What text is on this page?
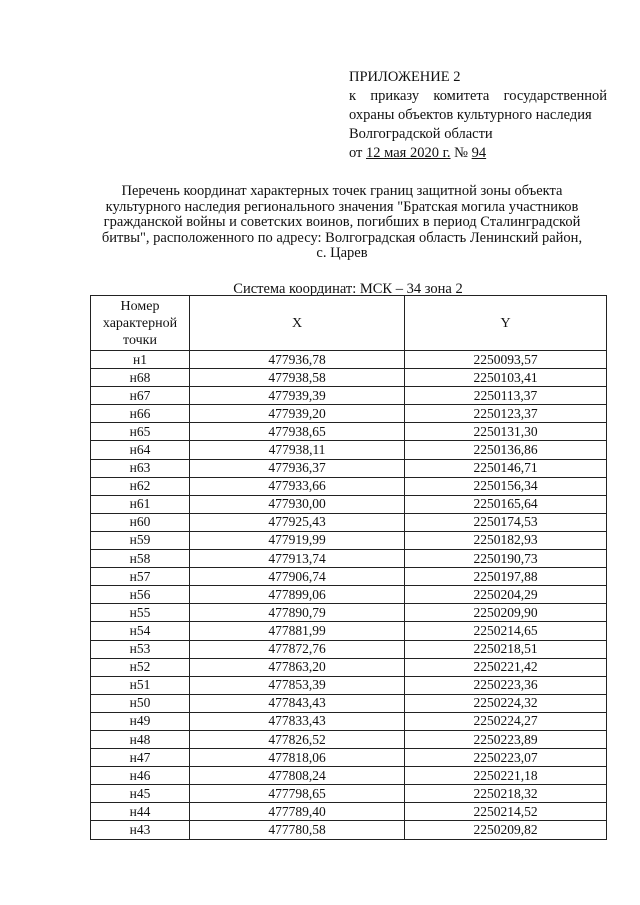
ПРИЛОЖЕНИЕ 2
к приказу комитета государственной
охраны объектов культурного наследия
Волгоградской области
от 12 мая 2020 г. № 94
Перечень координат характерных точек границ защитной зоны объекта
культурного наследия регионального значения "Братская могила участников
гражданской войны и советских воинов, погибших в период Сталинградской
битвы", расположенного по адресу: Волгоградская область Ленинский район,
с. Царев
Система координат: МСК – 34 зона 2
Номер
характерной
точки	X	Y
н1	477936,78	2250093,57
н68	477938,58	2250103,41
н67	477939,39	2250113,37
н66	477939,20	2250123,37
н65	477938,65	2250131,30
н64	477938,11	2250136,86
н63	477936,37	2250146,71
н62	477933,66	2250156,34
н61	477930,00	2250165,64
н60	477925,43	2250174,53
н59	477919,99	2250182,93
н58	477913,74	2250190,73
н57	477906,74	2250197,88
н56	477899,06	2250204,29
н55	477890,79	2250209,90
н54	477881,99	2250214,65
н53	477872,76	2250218,51
н52	477863,20	2250221,42
н51	477853,39	2250223,36
н50	477843,43	2250224,32
н49	477833,43	2250224,27
н48	477826,52	2250223,89
н47	477818,06	2250223,07
н46	477808,24	2250221,18
н45	477798,65	2250218,32
н44	477789,40	2250214,52
н43	477780,58	2250209,82
